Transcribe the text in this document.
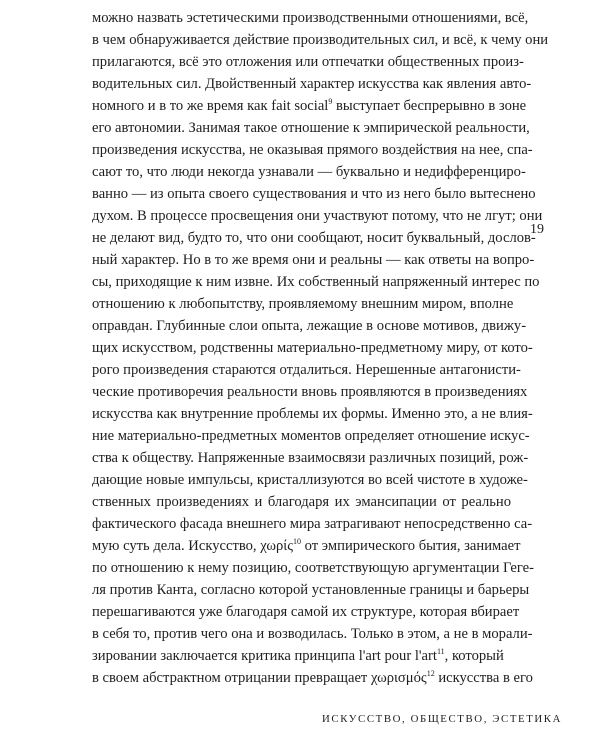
можно назвать эстетическими производственными отношениями, всё,
в чем обнаруживается действие производительных сил, и всё, к чему они
прилагаются, всё это отложения или отпечатки общественных произ-
водительных сил. Двойственный характер искусства как явления авто-
номного и в то же время как fait social$^9$ выступает беспрерывно в зоне
его автономии. Занимая такое отношение к эмпирической реальности,
произведения искусства, не оказывая прямого воздействия на нее, спа-
сают то, что люди некогда узнавали — буквально и недифференциро-
ванно — из опыта своего существования и что из него было вытеснено
духом. В процессе просвещения они участвуют потому, что не лгут; они
не делают вид, будто то, что они сообщают, носит буквальный, дослов-
ный характер. Но в то же время они и реальны — как ответы на вопро-
сы, приходящие к ним извне. Их собственный напряженный интерес по
отношению к любопытству, проявляемому внешним миром, вполне
оправдан. Глубинные слои опыта, лежащие в основе мотивов, движу-
щих искусством, родственны материально-предметному миру, от кото-
рого произведения стараются отдалиться. Нерешенные антагонисти-
ческие противоречия реальности вновь проявляются в произведениях
искусства как внутренние проблемы их формы. Именно это, а не влия-
ние материально-предметных моментов определяет отношение искус-
ства к обществу. Напряженные взаимосвязи различных позиций, рож-
дающие новые импульсы, кристаллизуются во всей чистоте в художе-
ственных произведениях и благодаря их эмансипации от реально
фактического фасада внешнего мира затрагивают непосредственно са-
мую суть дела. Искусство, χωρίς$^{10}$ от эмпирического бытия, занимает
по отношению к нему позицию, соответствующую аргументации Геге-
ля против Канта, согласно которой установленные границы и барьеры
перешагиваются уже благодаря самой их структуре, которая вбирает
в себя то, против чего она и возводилась. Только в этом, а не в морали-
зировании заключается критика принципа l'art pour l'art$^{11}$, который
в своем абстрактном отрицании превращает χωρισμός$^{12}$ искусства в его
19
ИСКУССТВО, ОБЩЕСТВО, ЭСТЕТИКА
